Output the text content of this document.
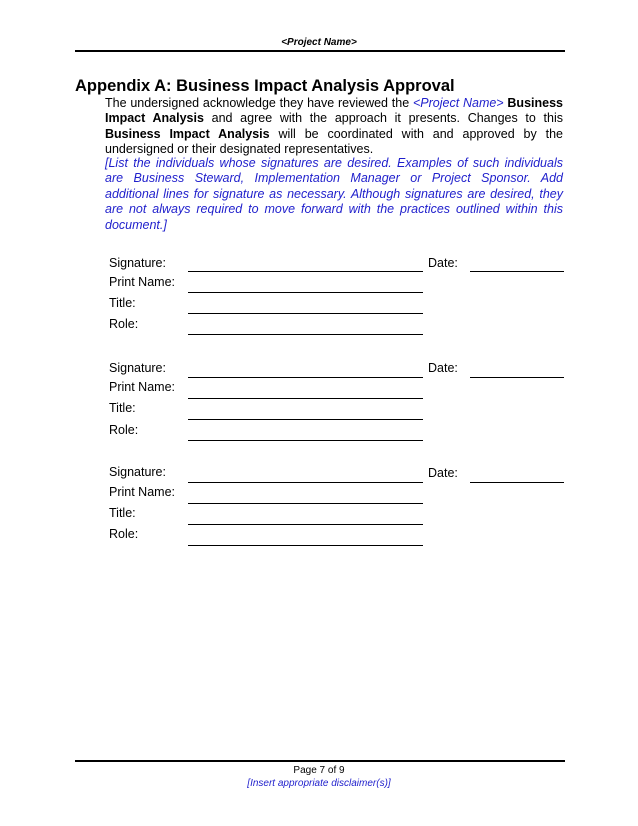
<Project Name>
Appendix A: Business Impact Analysis Approval
The undersigned acknowledge they have reviewed the <Project Name> Business Impact Analysis and agree with the approach it presents. Changes to this Business Impact Analysis will be coordinated with and approved by the undersigned or their designated representatives.
[List the individuals whose signatures are desired. Examples of such individuals are Business Steward, Implementation Manager or Project Sponsor. Add additional lines for signature as necessary. Although signatures are desired, they are not always required to move forward with the practices outlined within this document.]
Signature:	Date:
Print Name:
Title:
Role:
Signature:	Date:
Print Name:
Title:
Role:
Signature:	Date:
Print Name:
Title:
Role:
Page 7 of 9
[Insert appropriate disclaimer(s)]
